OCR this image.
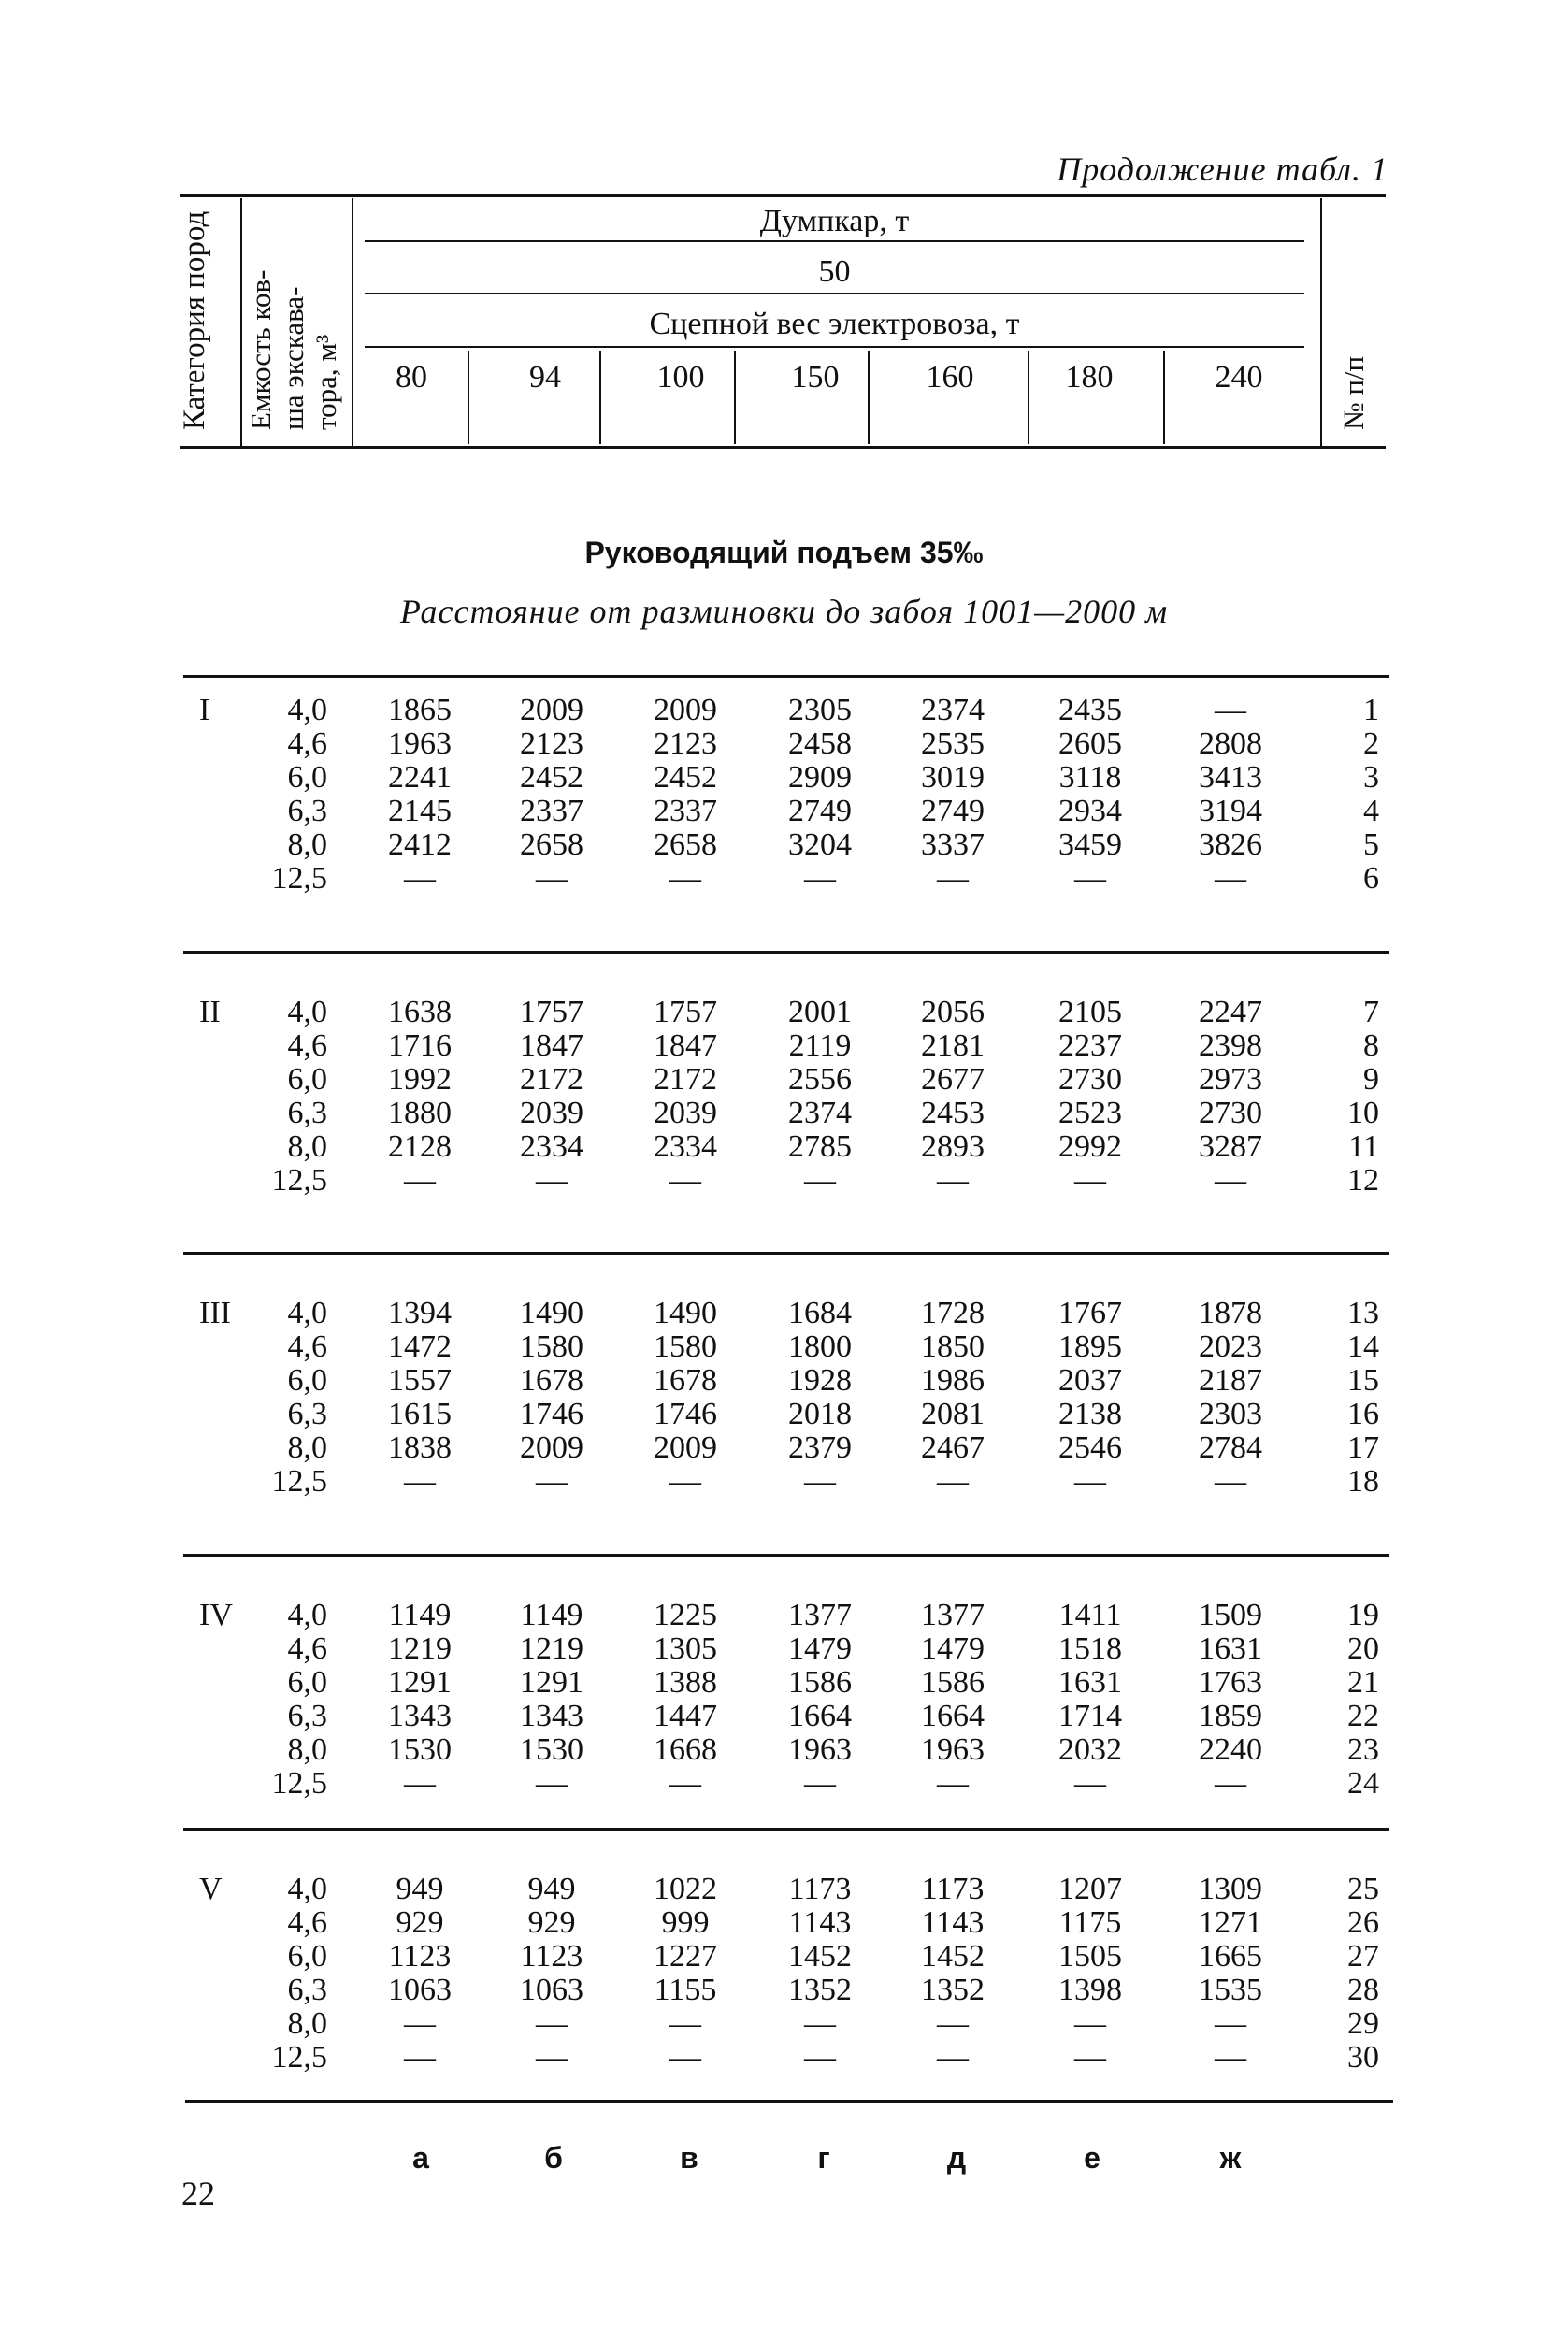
Продолжение табл. 1
Категория пород Емкость ков- ша экскава- тора, м³	№ п/п
Думпкар, т
50
Сцепной вес электровоза, т
80	94	100	150	160	180	240
Руководящий подъем 35‰
Расстояние от разминовки до забоя 1001—2000 м
I	4,0	1865	2009	2009	2305	2374	2435	—	1
4,6	1963	2123	2123	2458	2535	2605	2808	2
6,0	2241	2452	2452	2909	3019	3118	3413	3
6,3	2145	2337	2337	2749	2749	2934	3194	4
8,0	2412	2658	2658	3204	3337	3459	3826	5
12,5	—	—	—	—	—	—	—	6
II	4,0	1638	1757	1757	2001	2056	2105	2247	7
4,6	1716	1847	1847	2119	2181	2237	2398	8
6,0	1992	2172	2172	2556	2677	2730	2973	9
6,3	1880	2039	2039	2374	2453	2523	2730	10
8,0	2128	2334	2334	2785	2893	2992	3287	11
12,5	—	—	—	—	—	—	—	12
III	4,0	1394	1490	1490	1684	1728	1767	1878	13
4,6	1472	1580	1580	1800	1850	1895	2023	14
6,0	1557	1678	1678	1928	1986	2037	2187	15
6,3	1615	1746	1746	2018	2081	2138	2303	16
8,0	1838	2009	2009	2379	2467	2546	2784	17
12,5	—	—	—	—	—	—	—	18
IV	4,0	1149	1149	1225	1377	1377	1411	1509	19
4,6	1219	1219	1305	1479	1479	1518	1631	20
6,0	1291	1291	1388	1586	1586	1631	1763	21
6,3	1343	1343	1447	1664	1664	1714	1859	22
8,0	1530	1530	1668	1963	1963	2032	2240	23
12,5	—	—	—	—	—	—	—	24
V	4,0	949	949	1022	1173	1173	1207	1309	25
4,6	929	929	999	1143	1143	1175	1271	26
6,0	1123	1123	1227	1452	1452	1505	1665	27
6,3	1063	1063	1155	1352	1352	1398	1535	28
8,0	—	—	—	—	—	—	—	29
12,5	—	—	—	—	—	—	—	30
а	б	в	г	д	е	ж
22
